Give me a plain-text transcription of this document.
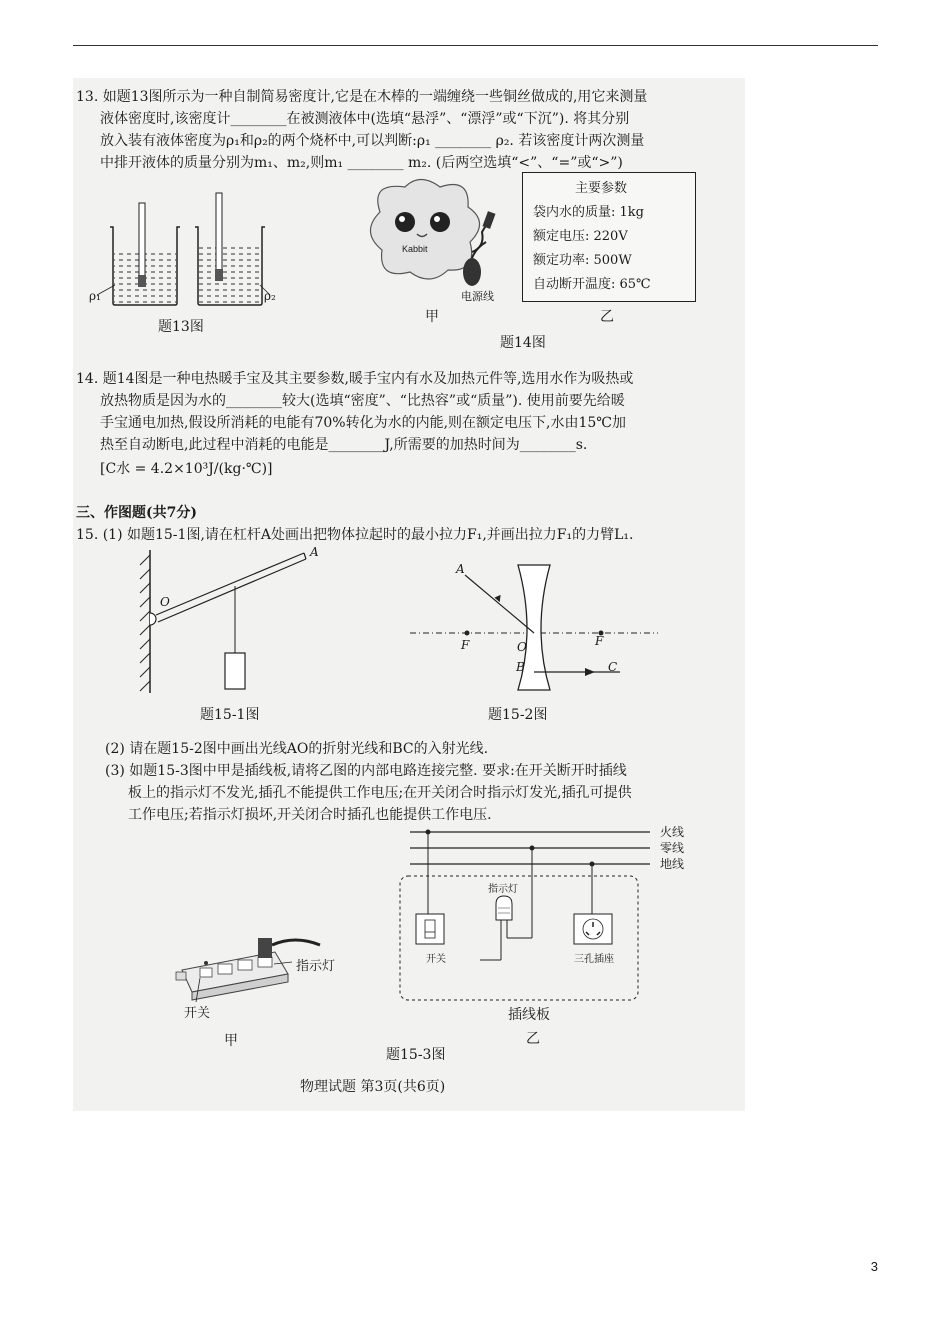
13. 如题13图所示为一种自制简易密度计,它是在木棒的一端缠绕一些铜丝做成的,用它来测量
液体密度时,该密度计________在被测液体中(选填“悬浮”、“漂浮”或“下沉”). 将其分别
放入装有液体密度为ρ₁和ρ₂的两个烧杯中,可以判断:ρ₁ ________ ρ₂. 若该密度计两次测量
中排开液体的质量分别为m₁、m₂,则m₁ ________ m₂. (后两空选填“<”、“=”或“>”)
ρ₁	ρ₂
题13图
Kabbit
电源线
甲
主要参数
袋内水的质量: 1kg
额定电压: 220V
额定功率: 500W
自动断开温度: 65℃
乙
题14图
14. 题14图是一种电热暖手宝及其主要参数,暖手宝内有水及加热元件等,选用水作为吸热或
放热物质是因为水的________较大(选填“密度”、“比热容”或“质量”). 使用前要先给暖
手宝通电加热,假设所消耗的电能有70%转化为水的内能,则在额定电压下,水由15℃加
热至自动断电,此过程中消耗的电能是________J,所需要的加热时间为________s.
[C水 = 4.2×10³J/(kg·℃)]
三、作图题(共7分)
15. (1) 如题15-1图,请在杠杆A处画出把物体拉起时的最小拉力F₁,并画出拉力F₁的力臂L₁.
O
A
题15-1图
A
F	O	F
B	C
题15-2图
(2) 请在题15-2图中画出光线AO的折射光线和BC的入射光线.
(3) 如题15-3图中甲是插线板,请将乙图的内部电路连接完整. 要求:在开关断开时插线
板上的指示灯不发光,插孔不能提供工作电压;在开关闭合时指示灯发光,插孔可提供
工作电压;若指示灯损坏,开关闭合时插孔也能提供工作电压.
火线
零线
地线
指示灯
开关	三孔插座
插线板
乙
指示灯
开关
甲
题15-3图
物理试题 第3页(共6页)
3
